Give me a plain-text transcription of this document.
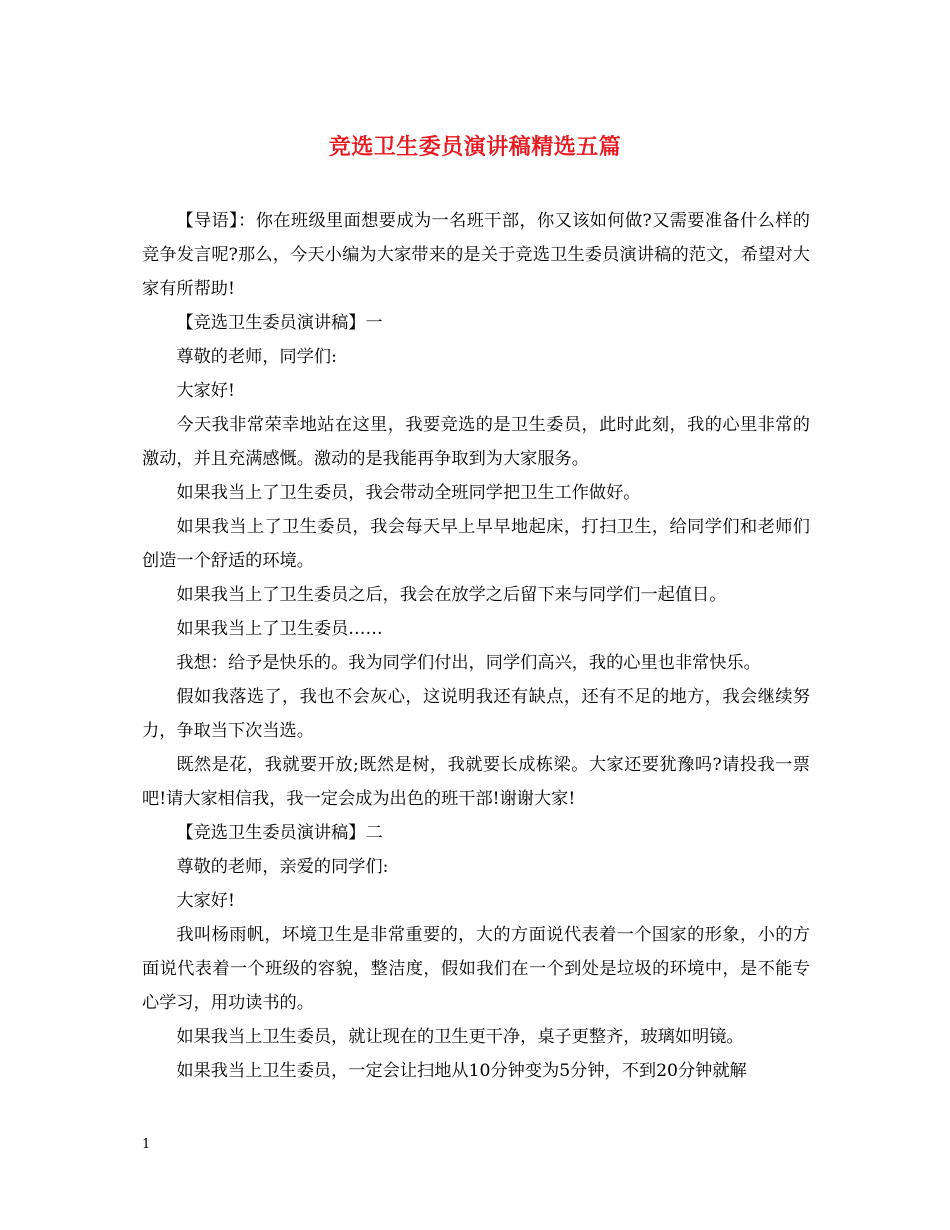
竞选卫生委员演讲稿精选五篇

【导语】：你在班级里面想要成为一名班干部，你又该如何做?又需要准备什么样的竞争发言呢?那么，今天小编为大家带来的是关于竞选卫生委员演讲稿的范文，希望对大家有所帮助!

【竞选卫生委员演讲稿】一

尊敬的老师，同学们:

大家好!

今天我非常荣幸地站在这里，我要竞选的是卫生委员，此时此刻，我的心里非常的激动，并且充满感慨。激动的是我能再争取到为大家服务。

如果我当上了卫生委员，我会带动全班同学把卫生工作做好。

如果我当上了卫生委员，我会每天早上早早地起床，打扫卫生，给同学们和老师们创造一个舒适的环境。

如果我当上了卫生委员之后，我会在放学之后留下来与同学们一起值日。

如果我当上了卫生委员……

我想：给予是快乐的。我为同学们付出，同学们高兴，我的心里也非常快乐。

假如我落选了，我也不会灰心，这说明我还有缺点，还有不足的地方，我会继续努力，争取当下次当选。

既然是花，我就要开放;既然是树，我就要长成栋梁。大家还要犹豫吗?请投我一票吧!请大家相信我，我一定会成为出色的班干部!谢谢大家!

【竞选卫生委员演讲稿】二

尊敬的老师，亲爱的同学们:

大家好!

我叫杨雨帆，坏境卫生是非常重要的，大的方面说代表着一个国家的形象，小的方面说代表着一个班级的容貌，整洁度，假如我们在一个到处是垃圾的环境中，是不能专心学习，用功读书的。

如果我当上卫生委员，就让现在的卫生更干净，桌子更整齐，玻璃如明镜。

如果我当上卫生委员，一定会让扫地从10分钟变为5分钟，不到20分钟就解

1
